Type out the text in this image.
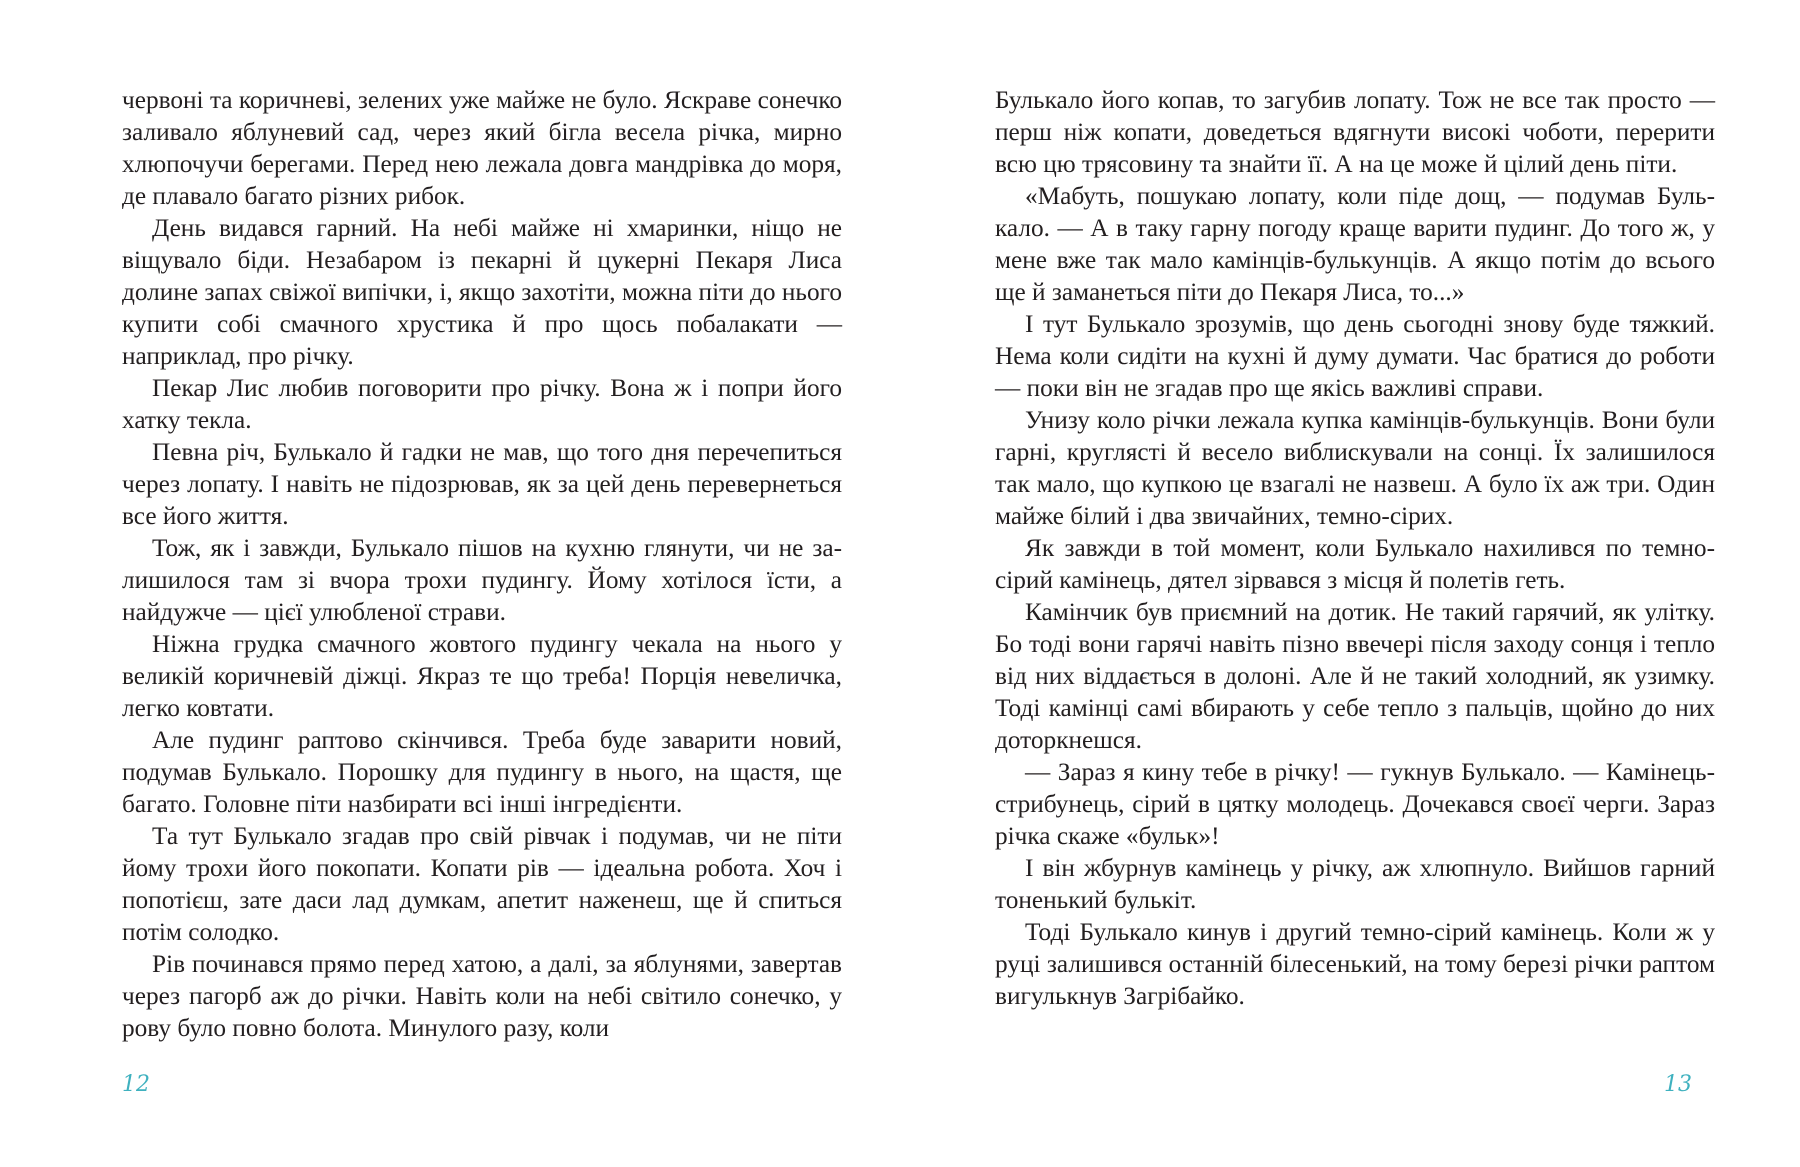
червоні та коричневі, зелених уже майже не було. Яскраве сонечко заливало яблуневий сад, через який бігла весела річка, мирно хлюпочучи берегами. Перед нею лежала довга мандрівка до моря, де плавало багато різних рибок.

День видався гарний. На небі майже ні хмаринки, ніщо не віщувало біди. Незабаром із пекарні й цукерні Пекаря Лиса долине запах свіжої випічки, і, якщо захотіти, можна піти до нього купити собі смачного хрустика й про щось побалакати — наприклад, про річку.

Пекар Лис любив поговорити про річку. Вона ж і попри його хатку текла.

Певна річ, Булькало й гадки не мав, що того дня перечепиться через лопату. І навіть не підозрював, як за цей день перевернеться все його життя.

Тож, як і завжди, Булькало пішов на кухню глянути, чи не залишилося там зі вчора трохи пудингу. Йому хотілося їсти, а найдужче — цієї улюбленої страви.

Ніжна грудка смачного жовтого пудингу чекала на нього у великій коричневій діжці. Якраз те що треба! Порція невеличка, легко ковтати.

Але пудинг раптово скінчився. Треба буде заварити новий, подумав Булькало. Порошку для пудингу в нього, на щастя, ще багато. Головне піти назбирати всі інші інгредієнти.

Та тут Булькало згадав про свій рівчак і подумав, чи не піти йому трохи його покопати. Копати рів — ідеальна робота. Хоч і попотієш, зате даси лад думкам, апетит наженеш, ще й спиться потім солодко.

Рів починався прямо перед хатою, а далі, за яблунями, завертав через пагорб аж до річки. Навіть коли на небі світило сонечко, у рову було повно болота. Минулого разу, коли

12

Булькало його копав, то загубив лопату. Тож не все так просто — перш ніж копати, доведеться вдягнути високі чоботи, перерити всю цю трясовину та знайти її. А на це може й цілий день піти.

«Мабуть, пошукаю лопату, коли піде дощ, — подумав Булькало. — А в таку гарну погоду краще варити пудинг. До того ж, у мене вже так мало камінців-булькунців. А якщо потім до всього ще й заманеться піти до Пекаря Лиса, то...»

І тут Булькало зрозумів, що день сьогодні знову буде тяжкий. Нема коли сидіти на кухні й думу думати. Час братися до роботи — поки він не згадав про ще якісь важливі справи.

Унизу коло річки лежала купка камінців-булькунців. Вони були гарні, круглясті й весело виблискували на сонці. Їх залишилося так мало, що купкою це взагалі не назвеш. А було їх аж три. Один майже білий і два звичайних, темно-сірих.

Як завжди в той момент, коли Булькало нахилився по темно-сірий камінець, дятел зірвався з місця й полетів геть.

Камінчик був приємний на дотик. Не такий гарячий, як улітку. Бо тоді вони гарячі навіть пізно ввечері після заходу сонця і тепло від них віддається в долоні. Але й не такий холодний, як узимку. Тоді камінці самі вбирають у себе тепло з пальців, щойно до них доторкнешся.

— Зараз я кину тебе в річку! — гукнув Булькало. — Камінець-стрибунець, сірий в цятку молодець. Дочекався своєї черги. Зараз річка скаже «бульк»!

І він жбурнув камінець у річку, аж хлюпнуло. Вийшов гарний тоненький булькіт.

Тоді Булькало кинув і другий темно-сірий камінець. Коли ж у руці залишився останній білесенький, на тому березі річки раптом вигулькнув Загрібайко.

13
